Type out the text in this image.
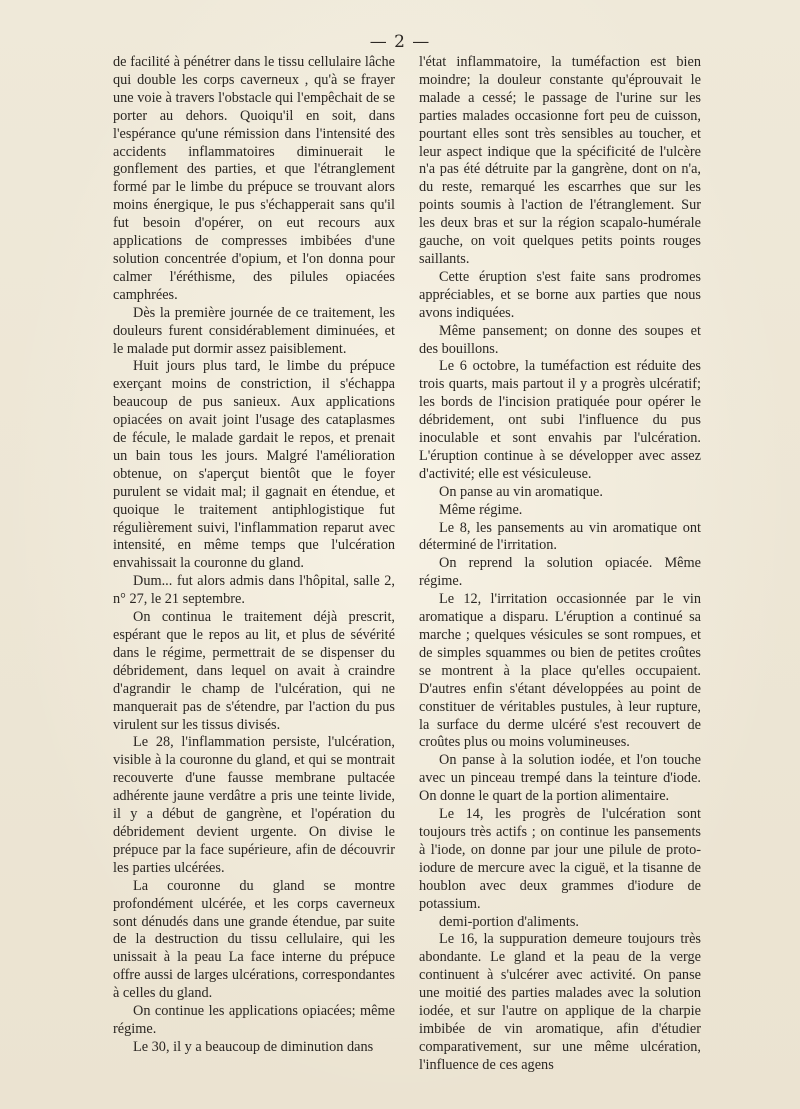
— 2 —

de facilité à pénétrer dans le tissu cellulaire lâche qui double les corps caverneux , qu'à se frayer une voie à travers l'obstacle qui l'empêchait de se porter au dehors. Quoiqu'il en soit, dans l'espérance qu'une rémission dans l'intensité des accidents inflammatoires diminuerait le gonflement des parties, et que l'étranglement formé par le limbe du prépuce se trouvant alors moins énergique, le pus s'échapperait sans qu'il fut besoin d'opérer, on eut recours aux applications de compresses imbibées d'une solution concentrée d'opium, et l'on donna pour calmer l'éréthisme, des pilules opiacées camphrées.

Dès la première journée de ce traitement, les douleurs furent considérablement diminuées, et le malade put dormir assez paisiblement.

Huit jours plus tard, le limbe du prépuce exerçant moins de constriction, il s'échappa beaucoup de pus sanieux. Aux applications opiacées on avait joint l'usage des cataplasmes de fécule, le malade gardait le repos, et prenait un bain tous les jours. Malgré l'amélioration obtenue, on s'aperçut bientôt que le foyer purulent se vidait mal; il gagnait en étendue, et quoique le traitement antiphlogistique fut régulièrement suivi, l'inflammation reparut avec intensité, en même temps que l'ulcération envahissait la couronne du gland.

Dum... fut alors admis dans l'hôpital, salle 2, n° 27, le 21 septembre.

On continua le traitement déjà prescrit, espérant que le repos au lit, et plus de sévérité dans le régime, permettrait de se dispenser du débridement, dans lequel on avait à craindre d'agrandir le champ de l'ulcération, qui ne manquerait pas de s'étendre, par l'action du pus virulent sur les tissus divisés.

Le 28, l'inflammation persiste, l'ulcération, visible à la couronne du gland, et qui se montrait recouverte d'une fausse membrane pultacée adhérente jaune verdâtre a pris une teinte livide, il y a début de gangrène, et l'opération du débridement devient urgente. On divise le prépuce par la face supérieure, afin de découvrir les parties ulcérées.

La couronne du gland se montre profondément ulcérée, et les corps caverneux sont dénudés dans une grande étendue, par suite de la destruction du tissu cellulaire, qui les unissait à la peau La face interne du prépuce offre aussi de larges ulcérations, correspondantes à celles du gland.

On continue les applications opiacées; même régime.

Le 30, il y a beaucoup de diminution dans

l'état inflammatoire, la tuméfaction est bien moindre; la douleur constante qu'éprouvait le malade a cessé; le passage de l'urine sur les parties malades occasionne fort peu de cuisson, pourtant elles sont très sensibles au toucher, et leur aspect indique que la spécificité de l'ulcère n'a pas été détruite par la gangrène, dont on n'a, du reste, remarqué les escarrhes que sur les points soumis à l'action de l'étranglement. Sur les deux bras et sur la région scapalo-humérale gauche, on voit quelques petits points rouges saillants.

Cette éruption s'est faite sans prodromes appréciables, et se borne aux parties que nous avons indiquées.

Même pansement; on donne des soupes et des bouillons.

Le 6 octobre, la tuméfaction est réduite des trois quarts, mais partout il y a progrès ulcératif; les bords de l'incision pratiquée pour opérer le débridement, ont subi l'influence du pus inoculable et sont envahis par l'ulcération. L'éruption continue à se développer avec assez d'activité; elle est vésiculeuse.

On panse au vin aromatique.

Même régime.

Le 8, les pansements au vin aromatique ont déterminé de l'irritation.

On reprend la solution opiacée. Même régime.

Le 12, l'irritation occasionnée par le vin aromatique a disparu. L'éruption a continué sa marche ; quelques vésicules se sont rompues, et de simples squammes ou bien de petites croûtes se montrent à la place qu'elles occupaient. D'autres enfin s'étant développées au point de constituer de véritables pustules, à leur rupture, la surface du derme ulcéré s'est recouvert de croûtes plus ou moins volumineuses.

On panse à la solution iodée, et l'on touche avec un pinceau trempé dans la teinture d'iode. On donne le quart de la portion alimentaire.

Le 14, les progrès de l'ulcération sont toujours très actifs ; on continue les pansements à l'iode, on donne par jour une pilule de proto-iodure de mercure avec la ciguë, et la tisanne de houblon avec deux grammes d'iodure de potassium.

demi-portion d'aliments.

Le 16, la suppuration demeure toujours très abondante. Le gland et la peau de la verge continuent à s'ulcérer avec activité. On panse une moitié des parties malades avec la solution iodée, et sur l'autre on applique de la charpie imbibée de vin aromatique, afin d'étudier comparativement, sur une même ulcération, l'influence de ces agens
